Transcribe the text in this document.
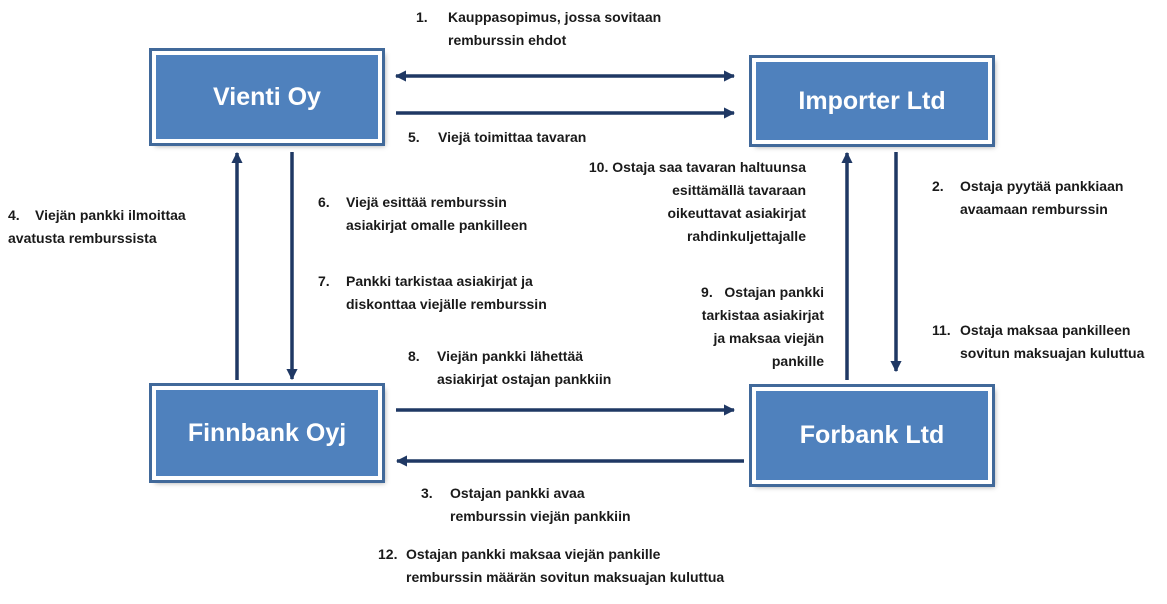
Vienti Oy	Importer Ltd
Finnbank Oyj	Forbank Ltd
1. Kauppasopimus, jossa sovitaan
remburssin ehdot
5. Viejä toimittaa tavaran
10. Ostaja saa tavaran haltuunsa
esittämällä tavaraan
oikeuttavat asiakirjat
rahdinkuljettajalle
2. Ostaja pyytää pankkiaan
avaamaan remburssin
4. Viejän pankki ilmoittaa
avatusta remburssista
6. Viejä esittää remburssin
asiakirjat omalle pankilleen
7. Pankki tarkistaa asiakirjat ja
diskonttaa viejälle remburssin
9. Ostajan pankki
tarkistaa asiakirjat
ja maksaa viejän
pankille
11. Ostaja maksaa pankilleen
sovitun maksuajan kuluttua
8. Viejän pankki lähettää
asiakirjat ostajan pankkiin
3. Ostajan pankki avaa
remburssin viejän pankkiin
12. Ostajan pankki maksaa viejän pankille
remburssin määrän sovitun maksuajan kuluttua
